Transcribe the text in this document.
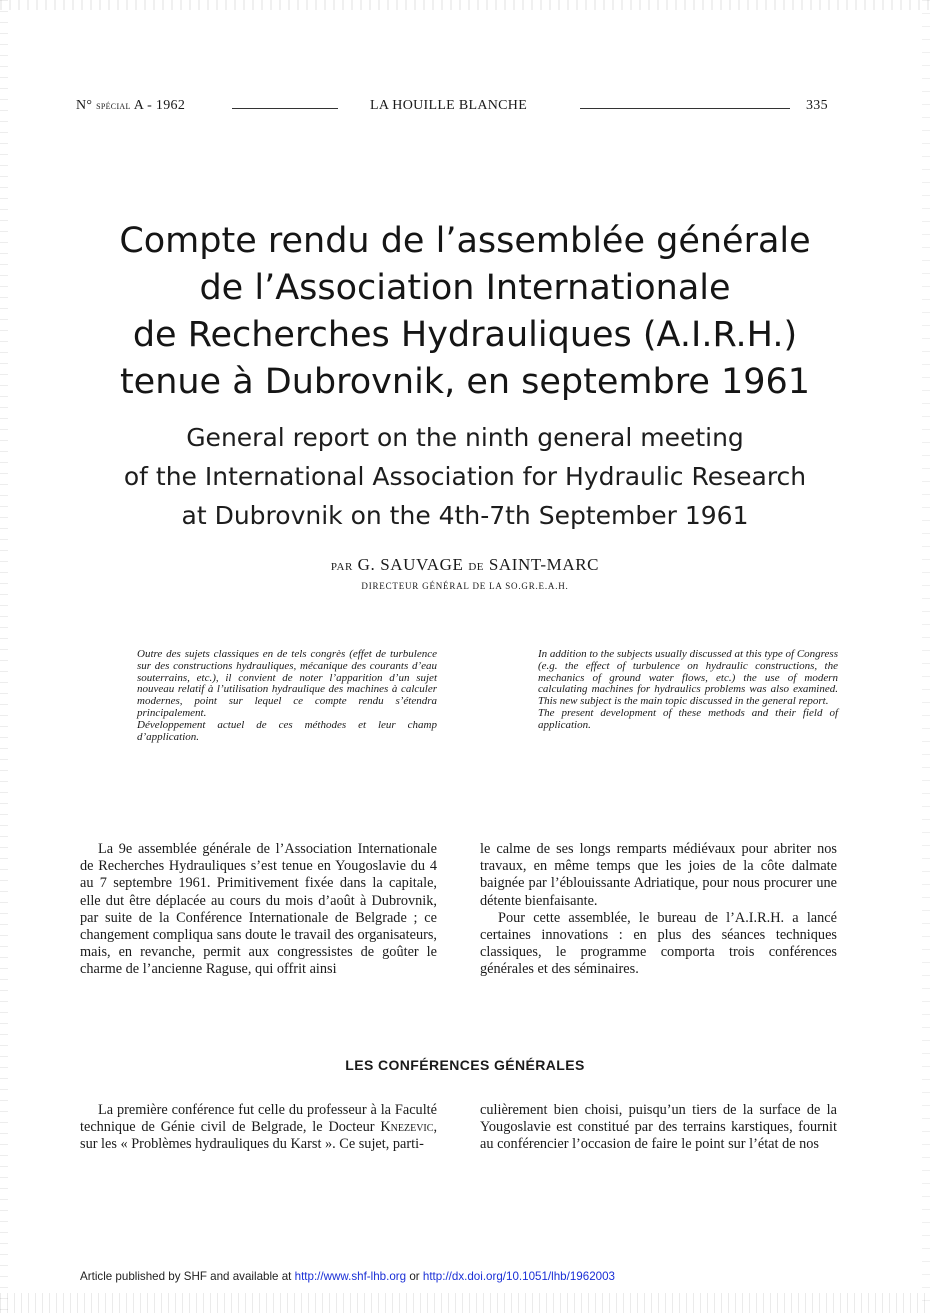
N° spécial A - 1962	LA HOUILLE BLANCHE	335
Compte rendu de l’assemblée générale
de l’Association Internationale
de Recherches Hydrauliques (A.I.R.H.)
tenue à Dubrovnik, en septembre 1961
General report on the ninth general meeting
of the International Association for Hydraulic Research
at Dubrovnik on the 4th-7th September 1961
PAR G. SAUVAGE DE SAINT-MARC
DIRECTEUR GÉNÉRAL DE LA SO.GR.E.A.H.

Outre des sujets classiques en de tels congrès (effet de turbulence sur des constructions hydrauliques, mécanique des courants d’eau souterrains, etc.), il convient de noter l’apparition d’un sujet nouveau relatif à l’utilisation hydraulique des machines à calculer modernes, point sur lequel ce compte rendu s’étendra principalement.

Développement actuel de ces méthodes et leur champ d’application.

In addition to the subjects usually discussed at this type of Congress (e.g. the effect of turbulence on hydraulic constructions, the mechanics of ground water flows, etc.) the use of modern calculating machines for hydraulics problems was also examined. This new subject is the main topic discussed in the general report.

The present development of these methods and their field of application.

La 9e assemblée générale de l’Association Internationale de Recherches Hydrauliques s’est tenue en Yougoslavie du 4 au 7 septembre 1961. Primitivement fixée dans la capitale, elle dut être déplacée au cours du mois d’août à Dubrovnik, par suite de la Conférence Internationale de Belgrade ; ce changement compliqua sans doute le travail des organisateurs, mais, en revanche, permit aux congressistes de goûter le charme de l’ancienne Raguse, qui offrit ainsi

le calme de ses longs remparts médiévaux pour abriter nos travaux, en même temps que les joies de la côte dalmate baignée par l’éblouissante Adriatique, pour nous procurer une détente bienfaisante.

Pour cette assemblée, le bureau de l’A.I.R.H. a lancé certaines innovations : en plus des séances techniques classiques, le programme comporta trois conférences générales et des séminaires.

LES CONFÉRENCES GÉNÉRALES

La première conférence fut celle du professeur à la Faculté technique de Génie civil de Belgrade, le Docteur Knezevic, sur les « Problèmes hydrauliques du Karst ». Ce sujet, parti-

culièrement bien choisi, puisqu’un tiers de la surface de la Yougoslavie est constitué par des terrains karstiques, fournit au conférencier l’occasion de faire le point sur l’état de nos

Article published by SHF and available at http://www.shf-lhb.org or http://dx.doi.org/10.1051/lhb/1962003
